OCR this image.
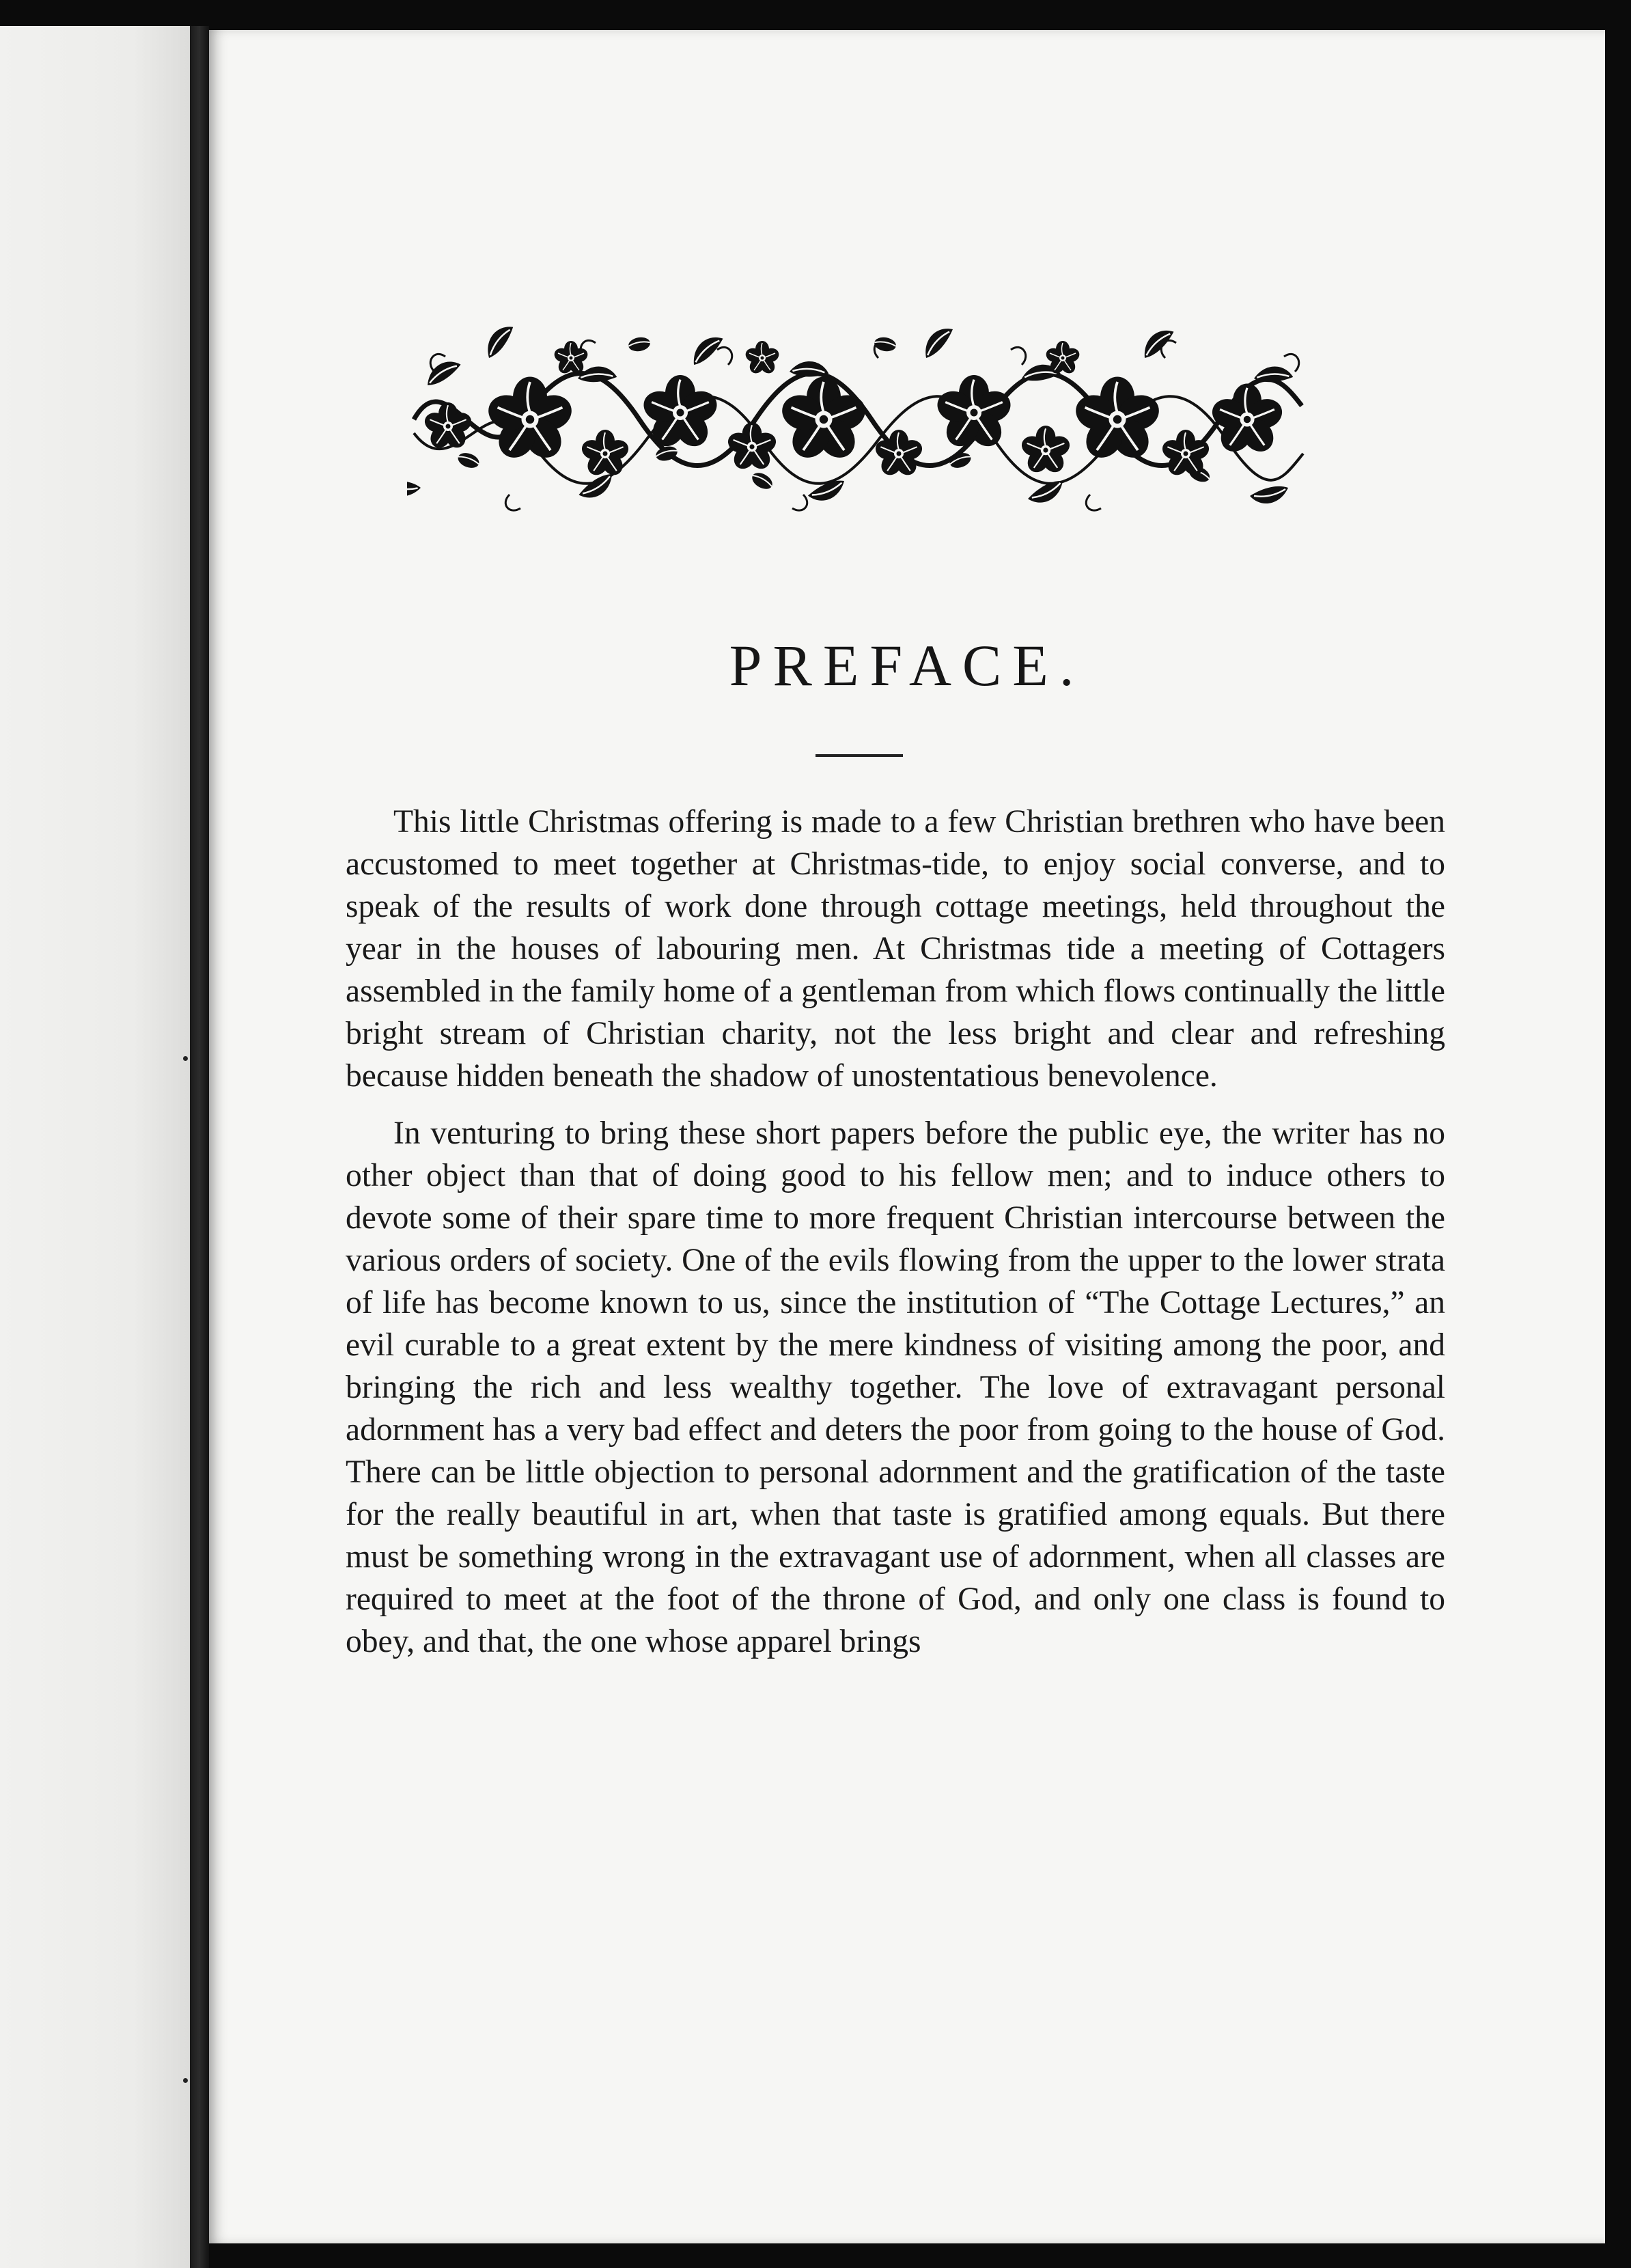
PREFACE.

This little Christmas offering is made to a few Christian brethren who have been accustomed to meet together at Christmas-tide, to enjoy social converse, and to speak of the results of work done through cottage meetings, held throughout the year in the houses of labouring men. At Christmas tide a meeting of Cottagers assembled in the family home of a gentleman from which flows continually the little bright stream of Christian charity, not the less bright and clear and refreshing because hidden beneath the shadow of unostentatious benevolence.

In venturing to bring these short papers before the public eye, the writer has no other object than that of doing good to his fellow men; and to induce others to devote some of their spare time to more frequent Christian intercourse between the various orders of society. One of the evils flowing from the upper to the lower strata of life has become known to us, since the institution of “The Cottage Lectures,” an evil curable to a great extent by the mere kindness of visiting among the poor, and bringing the rich and less wealthy together. The love of extravagant personal adornment has a very bad effect and deters the poor from going to the house of God. There can be little objection to personal adornment and the gratification of the taste for the really beautiful in art, when that taste is gratified among equals. But there must be something wrong in the extravagant use of adornment, when all classes are required to meet at the foot of the throne of God, and only one class is found to obey, and that, the one whose apparel brings
